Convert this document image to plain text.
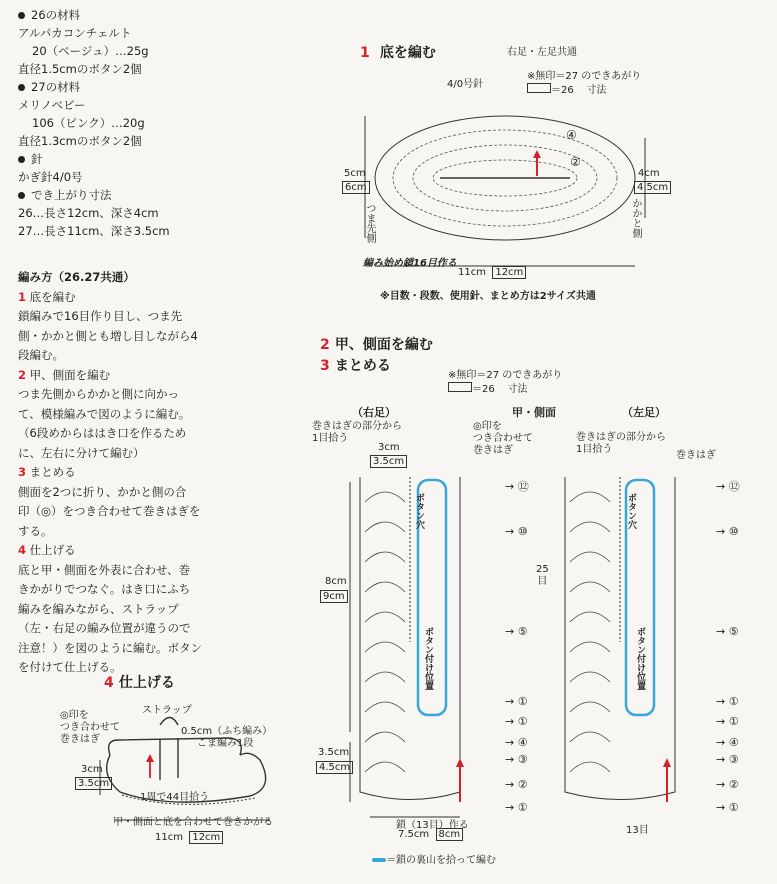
26の材料
アルパカコンチェルト
20（ベージュ）…25g
直径1.5cmのボタン2個
27の材料
メリノベビー
106（ピンク）…20g
直径1.3cmのボタン2個
針
かぎ針4/0号
でき上がり寸法
26…長さ12cm、深さ4cm
27…長さ11cm、深さ3.5cm
編み方（26.27共通）
1 底を編む
鎖編みで16目作り目し、つま先
側・かかと側とも増し目しながら4
段編む。
2 甲、側面を編む
つま先側からかかと側に向かっ
て、模様編みで図のように編む。
（6段めからははき口を作るため
に、左右に分けて編む）
3 まとめる
側面を2つに折り、かかと側の合
印（◎）をつき合わせて巻きはぎを
する。
4 仕上げる
底と甲・側面を外表に合わせ、巻
きかがりでつなぐ。はき口にふち
編みを編みながら、ストラップ
（左・右足の編み位置が違うので
注意！）を図のように編む。ボタン
を付けて仕上げる。
4 仕上げる
◎印を
つき合わせて
巻きはぎ
ストラップ
0.5cm（ふち編み）
こま編み1段
3cm
3.5cm
1周で44目拾う
甲・側面と底を合わせて巻きかがる
11cm 12cm
1 底を編む	右足・左足共通
4/0号針
※無印＝27 のできあがり
＝26 寸法
④
②
5cm
6cm
4cm
4.5cm
つま先側	かかと側
編み始め鎖16目作る
11cm 12cm
※目数・段数、使用針、まとめ方は2サイズ共通
2 甲、側面を編む
3 まとめる
※無印＝27 のできあがり
＝26 寸法
（右足）	甲・側面	（左足）
巻きはぎの部分から
1目拾う
◎印を
つき合わせて
巻きはぎ
巻きはぎの部分から
1目拾う
巻きはぎ
3cm
3.5cm
ボタン穴	ボタン穴
ボタン付け位置	ボタン付け位置
25
目
8cm
9cm
3.5cm
4.5cm
鎖（13目）作る
7.5cm 8cm	13目
＝鎖の裏山を拾って編む
→ ⑫
→ ⑩
→ ⑤
→ ①
→ ①
→ ④
→ ③
→ ②
→ ①
→ ⑫
→ ⑩
→ ⑤
→ ①
→ ①
→ ④
→ ③
→ ②
→ ①
